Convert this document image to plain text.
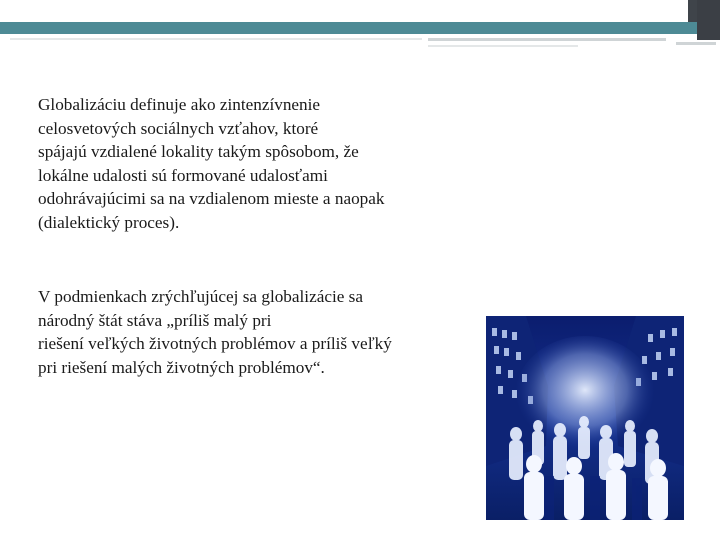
Globalizáciu definuje ako zintenzívnenie
celosvetových sociálnych vzťahov, ktoré
spájajú vzdialené lokality takým spôsobom, že
lokálne udalosti sú formované udalosťami
odohrávajúcimi sa na vzdialenom mieste a naopak
(dialektický proces).

V podmienkach zrýchľujúcej sa globalizácie sa
národný štát stáva „príliš malý pri
riešení veľkých životných problémov a príliš veľký
pri riešení malých životných problémov“.
